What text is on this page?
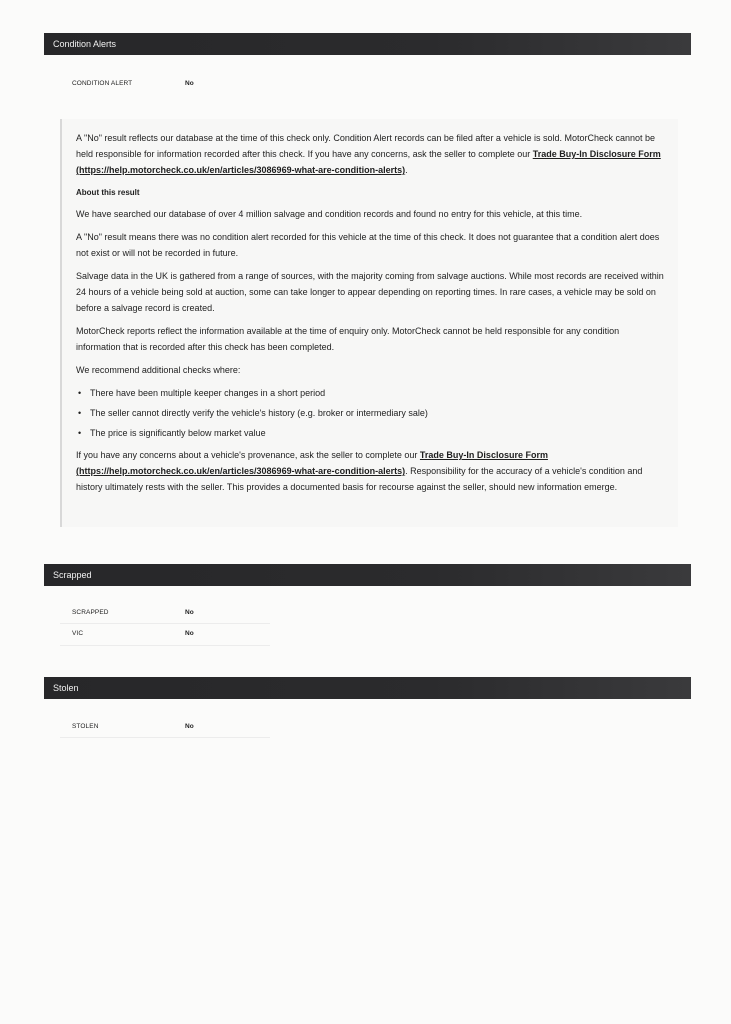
Condition Alerts
CONDITION ALERT	No

A "No" result reflects our database at the time of this check only. Condition Alert records can be filed after a vehicle is sold. MotorCheck cannot be held responsible for information recorded after this check. If you have any concerns, ask the seller to complete our Trade Buy-In Disclosure Form (https://help.motorcheck.co.uk/en/articles/3086969-what-are-condition-alerts).

About this result

We have searched our database of over 4 million salvage and condition records and found no entry for this vehicle, at this time.

A "No" result means there was no condition alert recorded for this vehicle at the time of this check. It does not guarantee that a condition alert does not exist or will not be recorded in future.

Salvage data in the UK is gathered from a range of sources, with the majority coming from salvage auctions. While most records are received within 24 hours of a vehicle being sold at auction, some can take longer to appear depending on reporting times. In rare cases, a vehicle may be sold on before a salvage record is created.

MotorCheck reports reflect the information available at the time of enquiry only. MotorCheck cannot be held responsible for any condition information that is recorded after this check has been completed.

We recommend additional checks where:

• There have been multiple keeper changes in a short period
• The seller cannot directly verify the vehicle's history (e.g. broker or intermediary sale)
• The price is significantly below market value

If you have any concerns about a vehicle's provenance, ask the seller to complete our Trade Buy-In Disclosure Form (https://help.motorcheck.co.uk/en/articles/3086969-what-are-condition-alerts). Responsibility for the accuracy of a vehicle's condition and history ultimately rests with the seller. This provides a documented basis for recourse against the seller, should new information emerge.

Scrapped
SCRAPPED	No
VIC	No
Stolen
STOLEN	No
